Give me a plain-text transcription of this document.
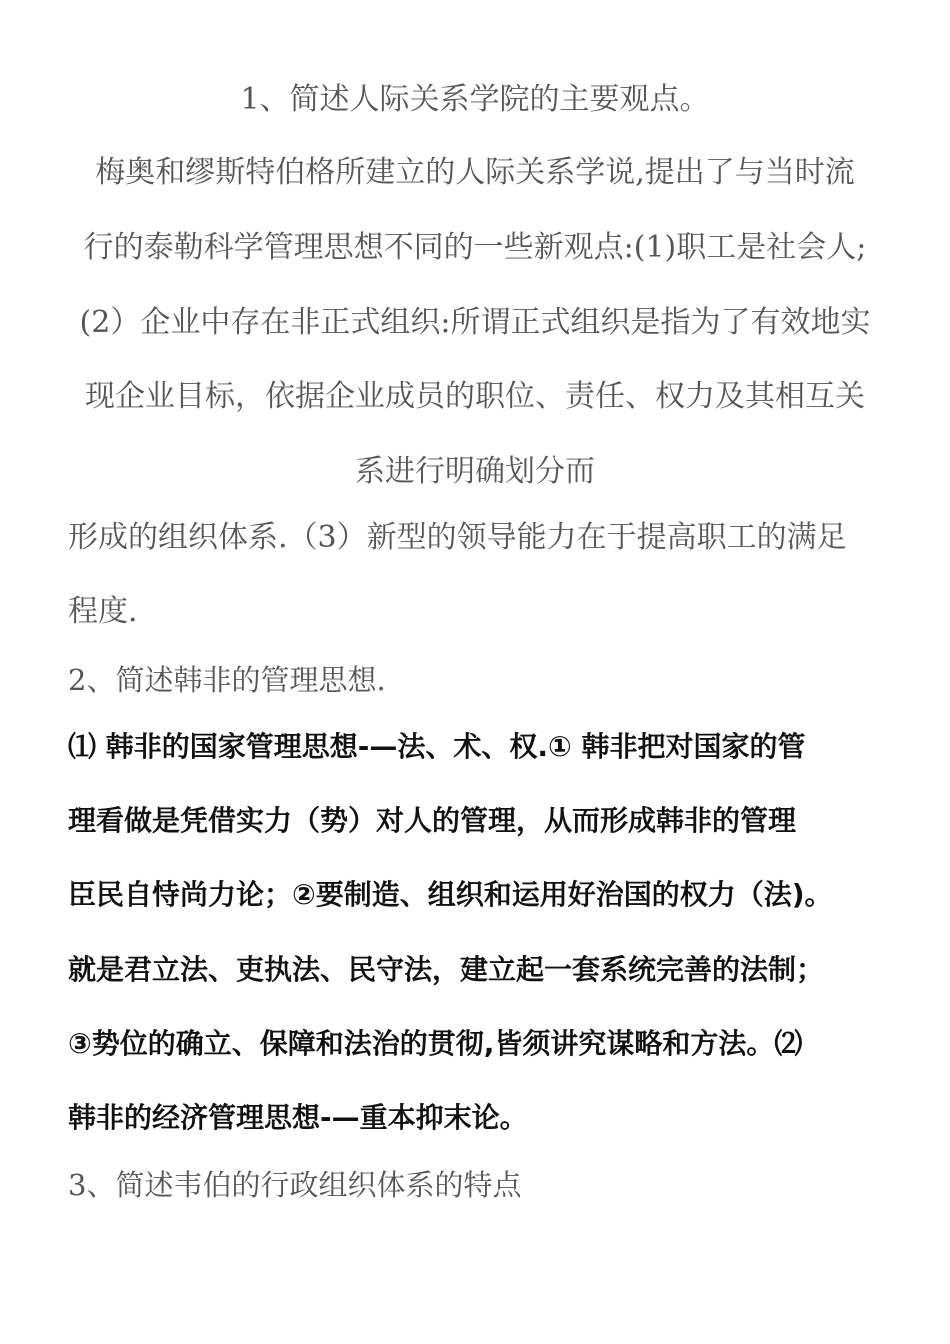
1、简述人际关系学院的主要观点。
梅奥和缪斯特伯格所建立的人际关系学说,提出了与当时流
行的泰勒科学管理思想不同的一些新观点:(1)职工是社会人;
(2）企业中存在非正式组织:所谓正式组织是指为了有效地实
现企业目标，依据企业成员的职位、责任、权力及其相互关
系进行明确划分而
形成的组织体系.（3）新型的领导能力在于提高职工的满足
程度.
2、简述韩非的管理思想.
⑴ 韩非的国家管理思想-—法、术、权.① 韩非把对国家的管
理看做是凭借实力（势）对人的管理，从而形成韩非的管理
臣民自恃尚力论；②要制造、组织和运用好治国的权力（法)。
就是君立法、吏执法、民守法，建立起一套系统完善的法制；
③势位的确立、保障和法治的贯彻,皆须讲究谋略和方法。⑵
韩非的经济管理思想-—重本抑末论。
3、简述韦伯的行政组织体系的特点
